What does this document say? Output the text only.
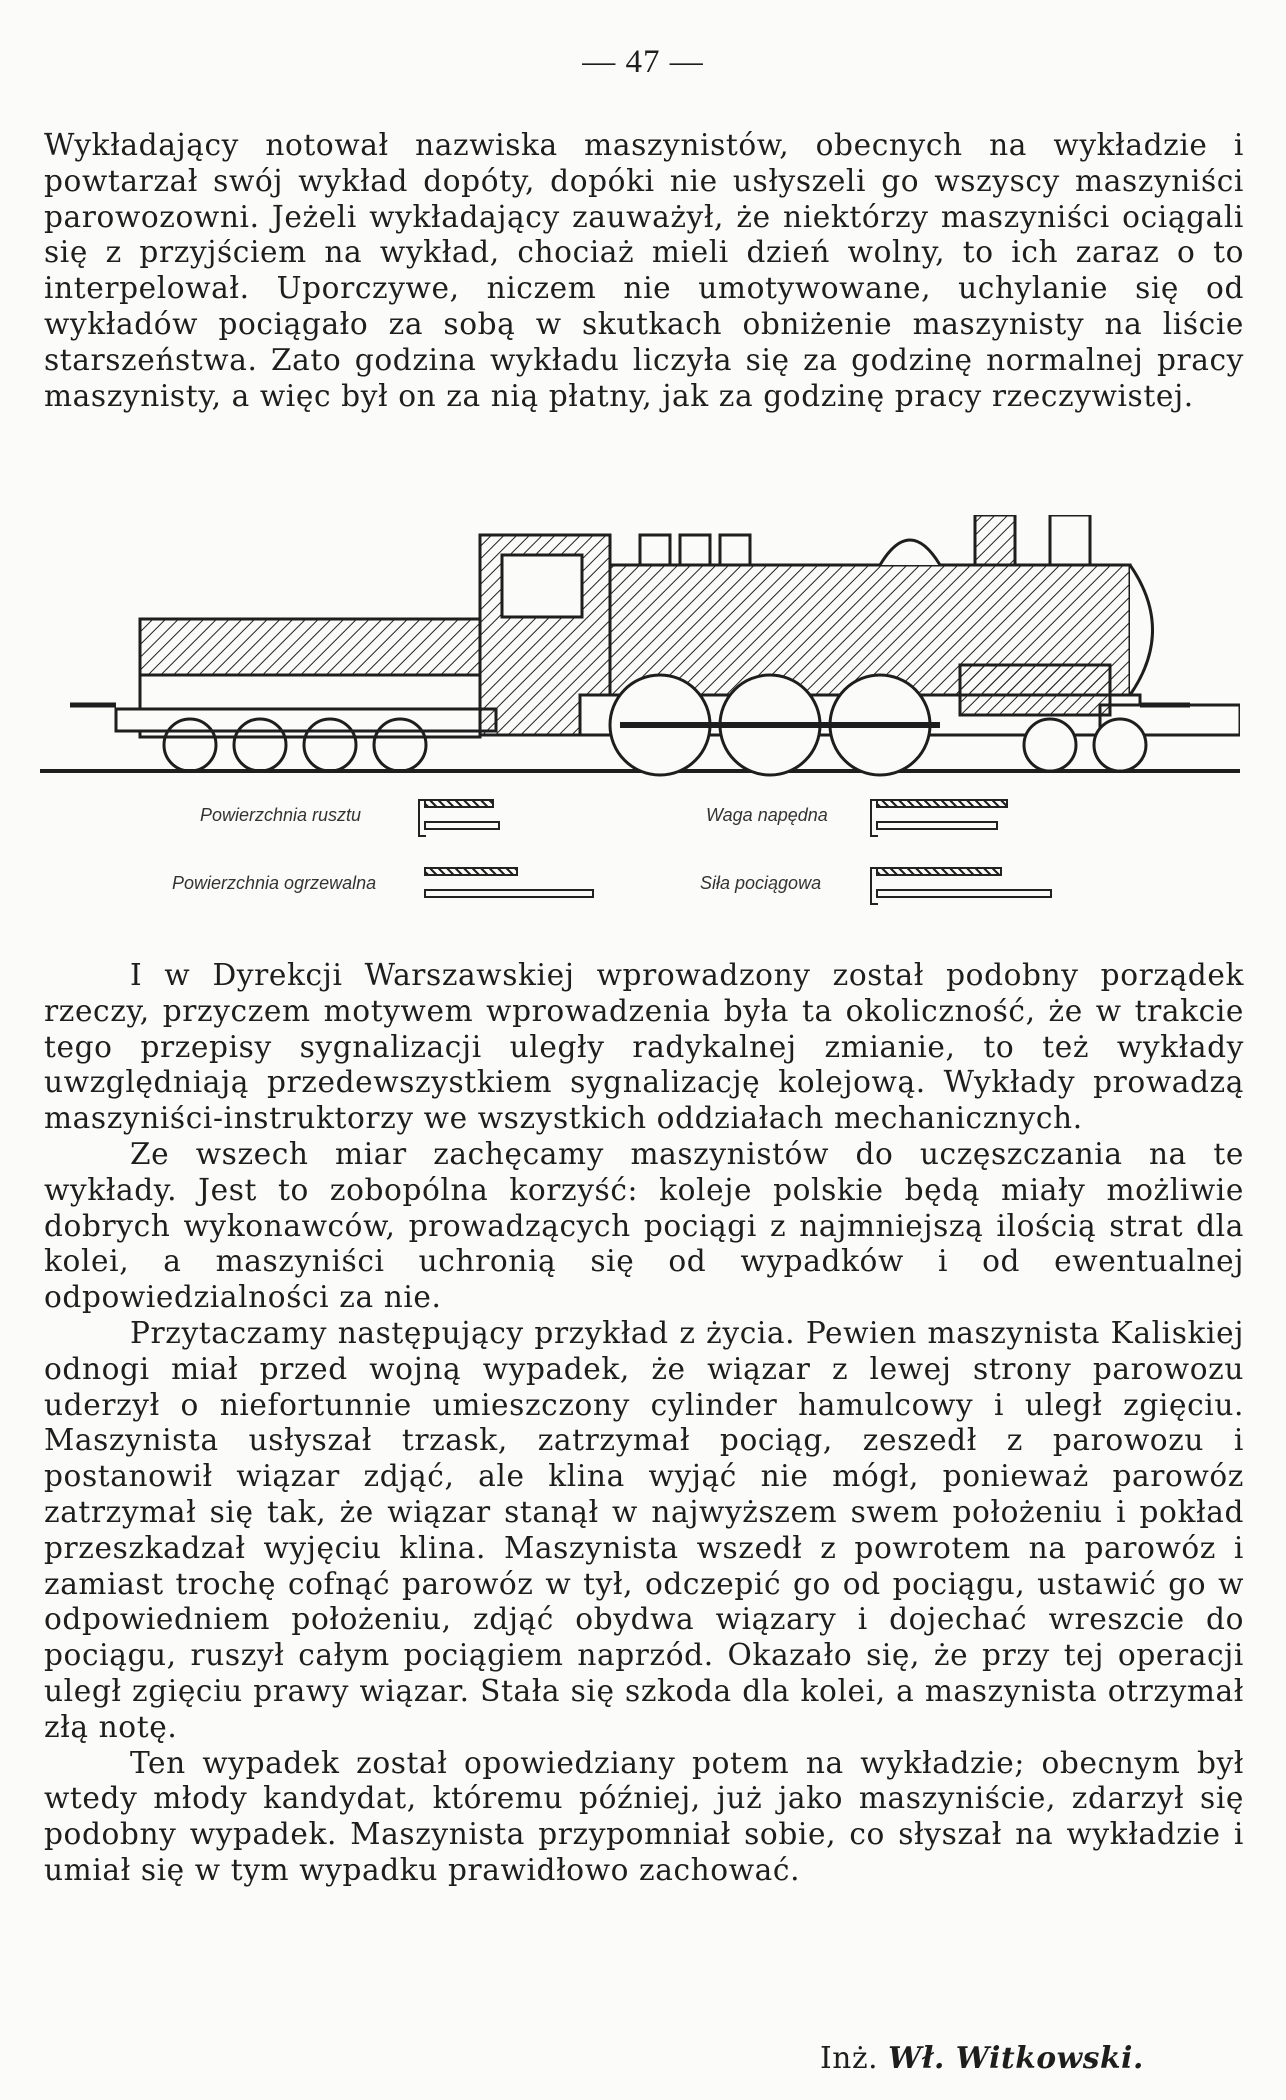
— 47 —

Wykładający notował nazwiska maszynistów, obecnych na wykładzie i powtarzał swój wykład dopóty, dopóki nie usłyszeli go wszyscy maszyniści parowozowni. Jeżeli wykładający zauważył, że niektórzy maszyniści ociągali się z przyjściem na wykład, chociaż mieli dzień wolny, to ich zaraz o to interpelował. Uporczywe, niczem nie umotywowane, uchylanie się od wykładów pociągało za sobą w skutkach obniżenie maszynisty na liście starszeństwa. Zato godzina wykładu liczyła się za godzinę normalnej pracy maszynisty, a więc był on za nią płatny, jak za godzinę pracy rzeczywistej.

Powierzchnia rusztu
Powierzchnia ogrzewalna
Waga napędna
Siła pociągowa

I w Dyrekcji Warszawskiej wprowadzony został podobny porządek rzeczy, przyczem motywem wprowadzenia była ta okoliczność, że w trakcie tego przepisy sygnalizacji uległy radykalnej zmianie, to też wykłady uwzględniają przedewszystkiem sygnalizację kolejową. Wykłady prowadzą maszyniści-instruktorzy we wszystkich oddziałach mechanicznych.

Ze wszech miar zachęcamy maszynistów do uczęszczania na te wykłady. Jest to zobopólna korzyść: koleje polskie będą miały możliwie dobrych wykonawców, prowadzących pociągi z najmniejszą ilością strat dla kolei, a maszyniści uchronią się od wypadków i od ewentualnej odpowiedzialności za nie.

Przytaczamy następujący przykład z życia. Pewien maszynista Kaliskiej odnogi miał przed wojną wypadek, że wiązar z lewej strony parowozu uderzył o niefortunnie umieszczony cylinder hamulcowy i uległ zgięciu. Maszynista usłyszał trzask, zatrzymał pociąg, zeszedł z parowozu i postanowił wiązar zdjąć, ale klina wyjąć nie mógł, ponieważ parowóz zatrzymał się tak, że wiązar stanął w najwyższem swem położeniu i pokład przeszkadzał wyjęciu klina. Maszynista wszedł z powrotem na parowóz i zamiast trochę cofnąć parowóz w tył, odczepić go od pociągu, ustawić go w odpowiedniem położeniu, zdjąć obydwa wiązary i dojechać wreszcie do pociągu, ruszył całym pociągiem naprzód. Okazało się, że przy tej operacji uległ zgięciu prawy wiązar. Stała się szkoda dla kolei, a maszynista otrzymał złą notę.

Ten wypadek został opowiedziany potem na wykładzie; obecnym był wtedy młody kandydat, któremu później, już jako maszyniście, zdarzył się podobny wypadek. Maszynista przypomniał sobie, co słyszał na wykładzie i umiał się w tym wypadku prawidłowo zachować.

Inż. Wł. Witkowski.
